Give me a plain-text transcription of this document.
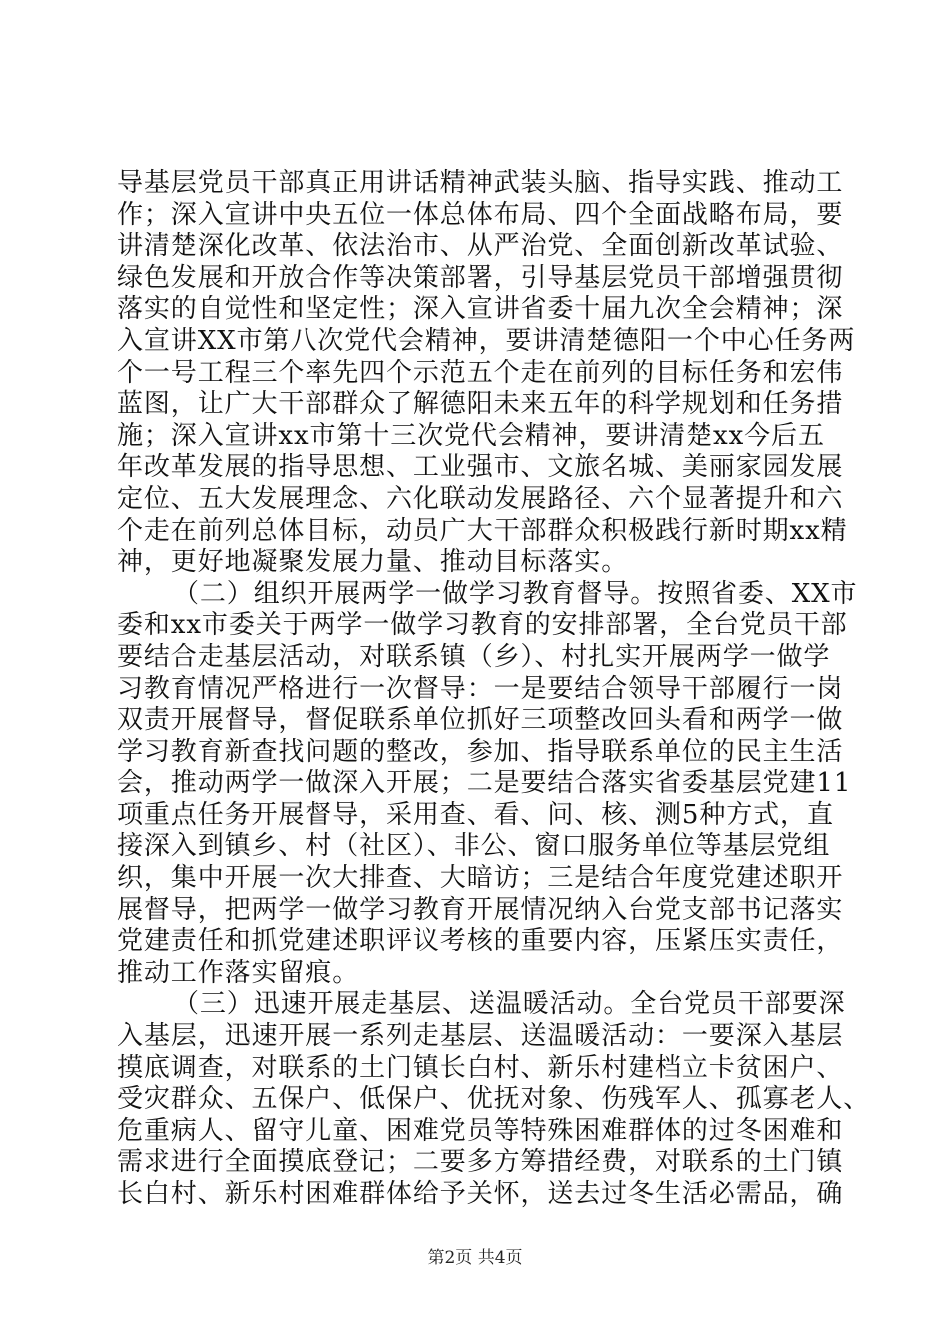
导基层党员干部真正用讲话精神武装头脑、指导实践、推动工
作；深入宣讲中央五位一体总体布局、四个全面战略布局，要
讲清楚深化改革、依法治市、从严治党、全面创新改革试验、
绿色发展和开放合作等决策部署，引导基层党员干部增强贯彻
落实的自觉性和坚定性；深入宣讲省委十届九次全会精神；深
入宣讲XX市第八次党代会精神，要讲清楚德阳一个中心任务两
个一号工程三个率先四个示范五个走在前列的目标任务和宏伟
蓝图，让广大干部群众了解德阳未来五年的科学规划和任务措
施；深入宣讲xx市第十三次党代会精神，要讲清楚xx今后五
年改革发展的指导思想、工业强市、文旅名城、美丽家园发展
定位、五大发展理念、六化联动发展路径、六个显著提升和六
个走在前列总体目标，动员广大干部群众积极践行新时期xx精
神，更好地凝聚发展力量、推动目标落实。
（二）组织开展两学一做学习教育督导。按照省委、XX市
委和xx市委关于两学一做学习教育的安排部署，全台党员干部
要结合走基层活动，对联系镇（乡）、村扎实开展两学一做学
习教育情况严格进行一次督导：一是要结合领导干部履行一岗
双责开展督导，督促联系单位抓好三项整改回头看和两学一做
学习教育新查找问题的整改，参加、指导联系单位的民主生活
会，推动两学一做深入开展；二是要结合落实省委基层党建11
项重点任务开展督导，采用查、看、问、核、测5种方式，直
接深入到镇乡、村（社区）、非公、窗口服务单位等基层党组
织，集中开展一次大排查、大暗访；三是结合年度党建述职开
展督导，把两学一做学习教育开展情况纳入台党支部书记落实
党建责任和抓党建述职评议考核的重要内容，压紧压实责任，
推动工作落实留痕。
（三）迅速开展走基层、送温暖活动。全台党员干部要深
入基层，迅速开展一系列走基层、送温暖活动：一要深入基层
摸底调查，对联系的土门镇长白村、新乐村建档立卡贫困户、
受灾群众、五保户、低保户、优抚对象、伤残军人、孤寡老人、
危重病人、留守儿童、困难党员等特殊困难群体的过冬困难和
需求进行全面摸底登记；二要多方筹措经费，对联系的土门镇
长白村、新乐村困难群体给予关怀，送去过冬生活必需品，确
第2页 共4页
